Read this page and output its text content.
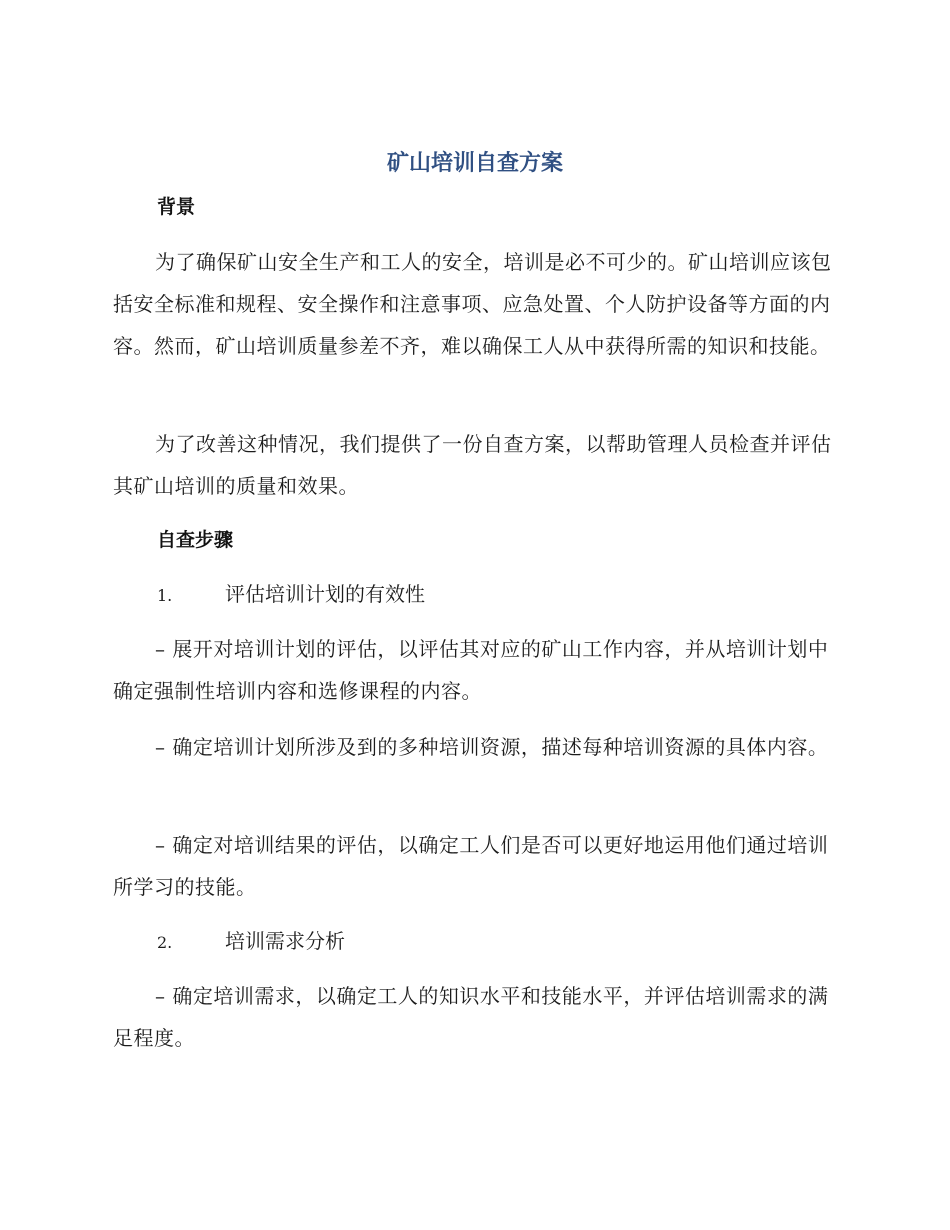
矿山培训自查方案
背景

为了确保矿山安全生产和工人的安全，培训是必不可少的。矿山培训应该包括安全标准和规程、安全操作和注意事项、应急处置、个人防护设备等方面的内容。然而，矿山培训质量参差不齐，难以确保工人从中获得所需的知识和技能。

为了改善这种情况，我们提供了一份自查方案，以帮助管理人员检查并评估其矿山培训的质量和效果。

自查步骤
1.	评估培训计划的有效性

– 展开对培训计划的评估，以评估其对应的矿山工作内容，并从培训计划中确定强制性培训内容和选修课程的内容。

– 确定培训计划所涉及到的多种培训资源，描述每种培训资源的具体内容。

– 确定对培训结果的评估，以确定工人们是否可以更好地运用他们通过培训所学习的技能。

2.	培训需求分析

– 确定培训需求，以确定工人的知识水平和技能水平，并评估培训需求的满足程度。
